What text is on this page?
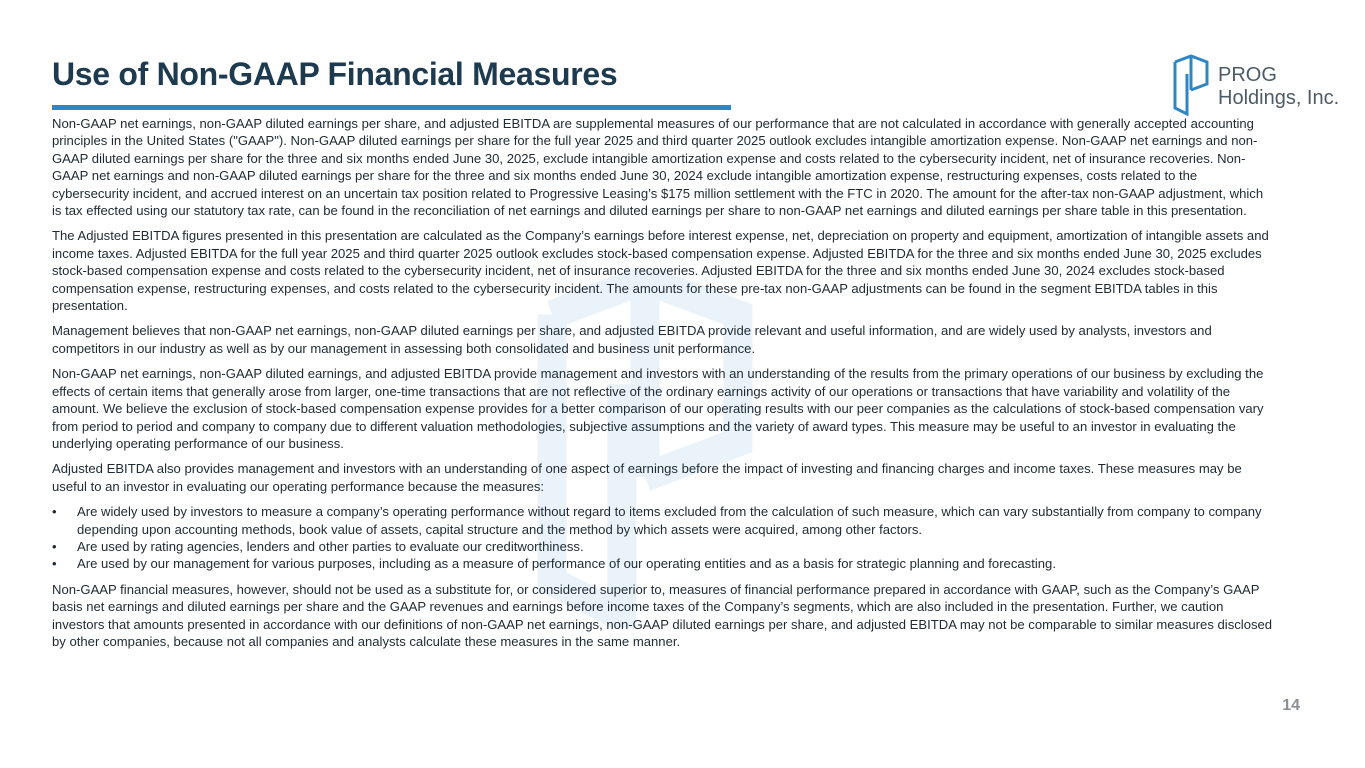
Use of Non-GAAP Financial Measures	PROG
Holdings, Inc.

Non-GAAP net earnings, non-GAAP diluted earnings per share, and adjusted EBITDA are supplemental measures of our performance that are not calculated in accordance with generally accepted accounting principles in the United States ("GAAP"). Non-GAAP diluted earnings per share for the full year 2025 and third quarter 2025 outlook excludes intangible amortization expense. Non-GAAP net earnings and non-GAAP diluted earnings per share for the three and six months ended June 30, 2025, exclude intangible amortization expense and costs related to the cybersecurity incident, net of insurance recoveries. Non-GAAP net earnings and non-GAAP diluted earnings per share for the three and six months ended June 30, 2024 exclude intangible amortization expense, restructuring expenses, costs related to the cybersecurity incident, and accrued interest on an uncertain tax position related to Progressive Leasing’s $175 million settlement with the FTC in 2020. The amount for the after-tax non-GAAP adjustment, which is tax effected using our statutory tax rate, can be found in the reconciliation of net earnings and diluted earnings per share to non-GAAP net earnings and diluted earnings per share table in this presentation.

The Adjusted EBITDA figures presented in this presentation are calculated as the Company’s earnings before interest expense, net, depreciation on property and equipment, amortization of intangible assets and income taxes. Adjusted EBITDA for the full year 2025 and third quarter 2025 outlook excludes stock-based compensation expense. Adjusted EBITDA for the three and six months ended June 30, 2025 excludes stock-based compensation expense and costs related to the cybersecurity incident, net of insurance recoveries. Adjusted EBITDA for the three and six months ended June 30, 2024 excludes stock-based compensation expense, restructuring expenses, and costs related to the cybersecurity incident. The amounts for these pre-tax non-GAAP adjustments can be found in the segment EBITDA tables in this presentation.

Management believes that non-GAAP net earnings, non-GAAP diluted earnings per share, and adjusted EBITDA provide relevant and useful information, and are widely used by analysts, investors and competitors in our industry as well as by our management in assessing both consolidated and business unit performance.

Non-GAAP net earnings, non-GAAP diluted earnings, and adjusted EBITDA provide management and investors with an understanding of the results from the primary operations of our business by excluding the effects of certain items that generally arose from larger, one-time transactions that are not reflective of the ordinary earnings activity of our operations or transactions that have variability and volatility of the amount. We believe the exclusion of stock-based compensation expense provides for a better comparison of our operating results with our peer companies as the calculations of stock-based compensation vary from period to period and company to company due to different valuation methodologies, subjective assumptions and the variety of award types. This measure may be useful to an investor in evaluating the underlying operating performance of our business.

Adjusted EBITDA also provides management and investors with an understanding of one aspect of earnings before the impact of investing and financing charges and income taxes. These measures may be useful to an investor in evaluating our operating performance because the measures:

• Are widely used by investors to measure a company’s operating performance without regard to items excluded from the calculation of such measure, which can vary substantially from company to company depending upon accounting methods, book value of assets, capital structure and the method by which assets were acquired, among other factors.
• Are used by rating agencies, lenders and other parties to evaluate our creditworthiness.
• Are used by our management for various purposes, including as a measure of performance of our operating entities and as a basis for strategic planning and forecasting.

Non-GAAP financial measures, however, should not be used as a substitute for, or considered superior to, measures of financial performance prepared in accordance with GAAP, such as the Company’s GAAP basis net earnings and diluted earnings per share and the GAAP revenues and earnings before income taxes of the Company’s segments, which are also included in the presentation. Further, we caution investors that amounts presented in accordance with our definitions of non-GAAP net earnings, non-GAAP diluted earnings per share, and adjusted EBITDA may not be comparable to similar measures disclosed by other companies, because not all companies and analysts calculate these measures in the same manner.

14
